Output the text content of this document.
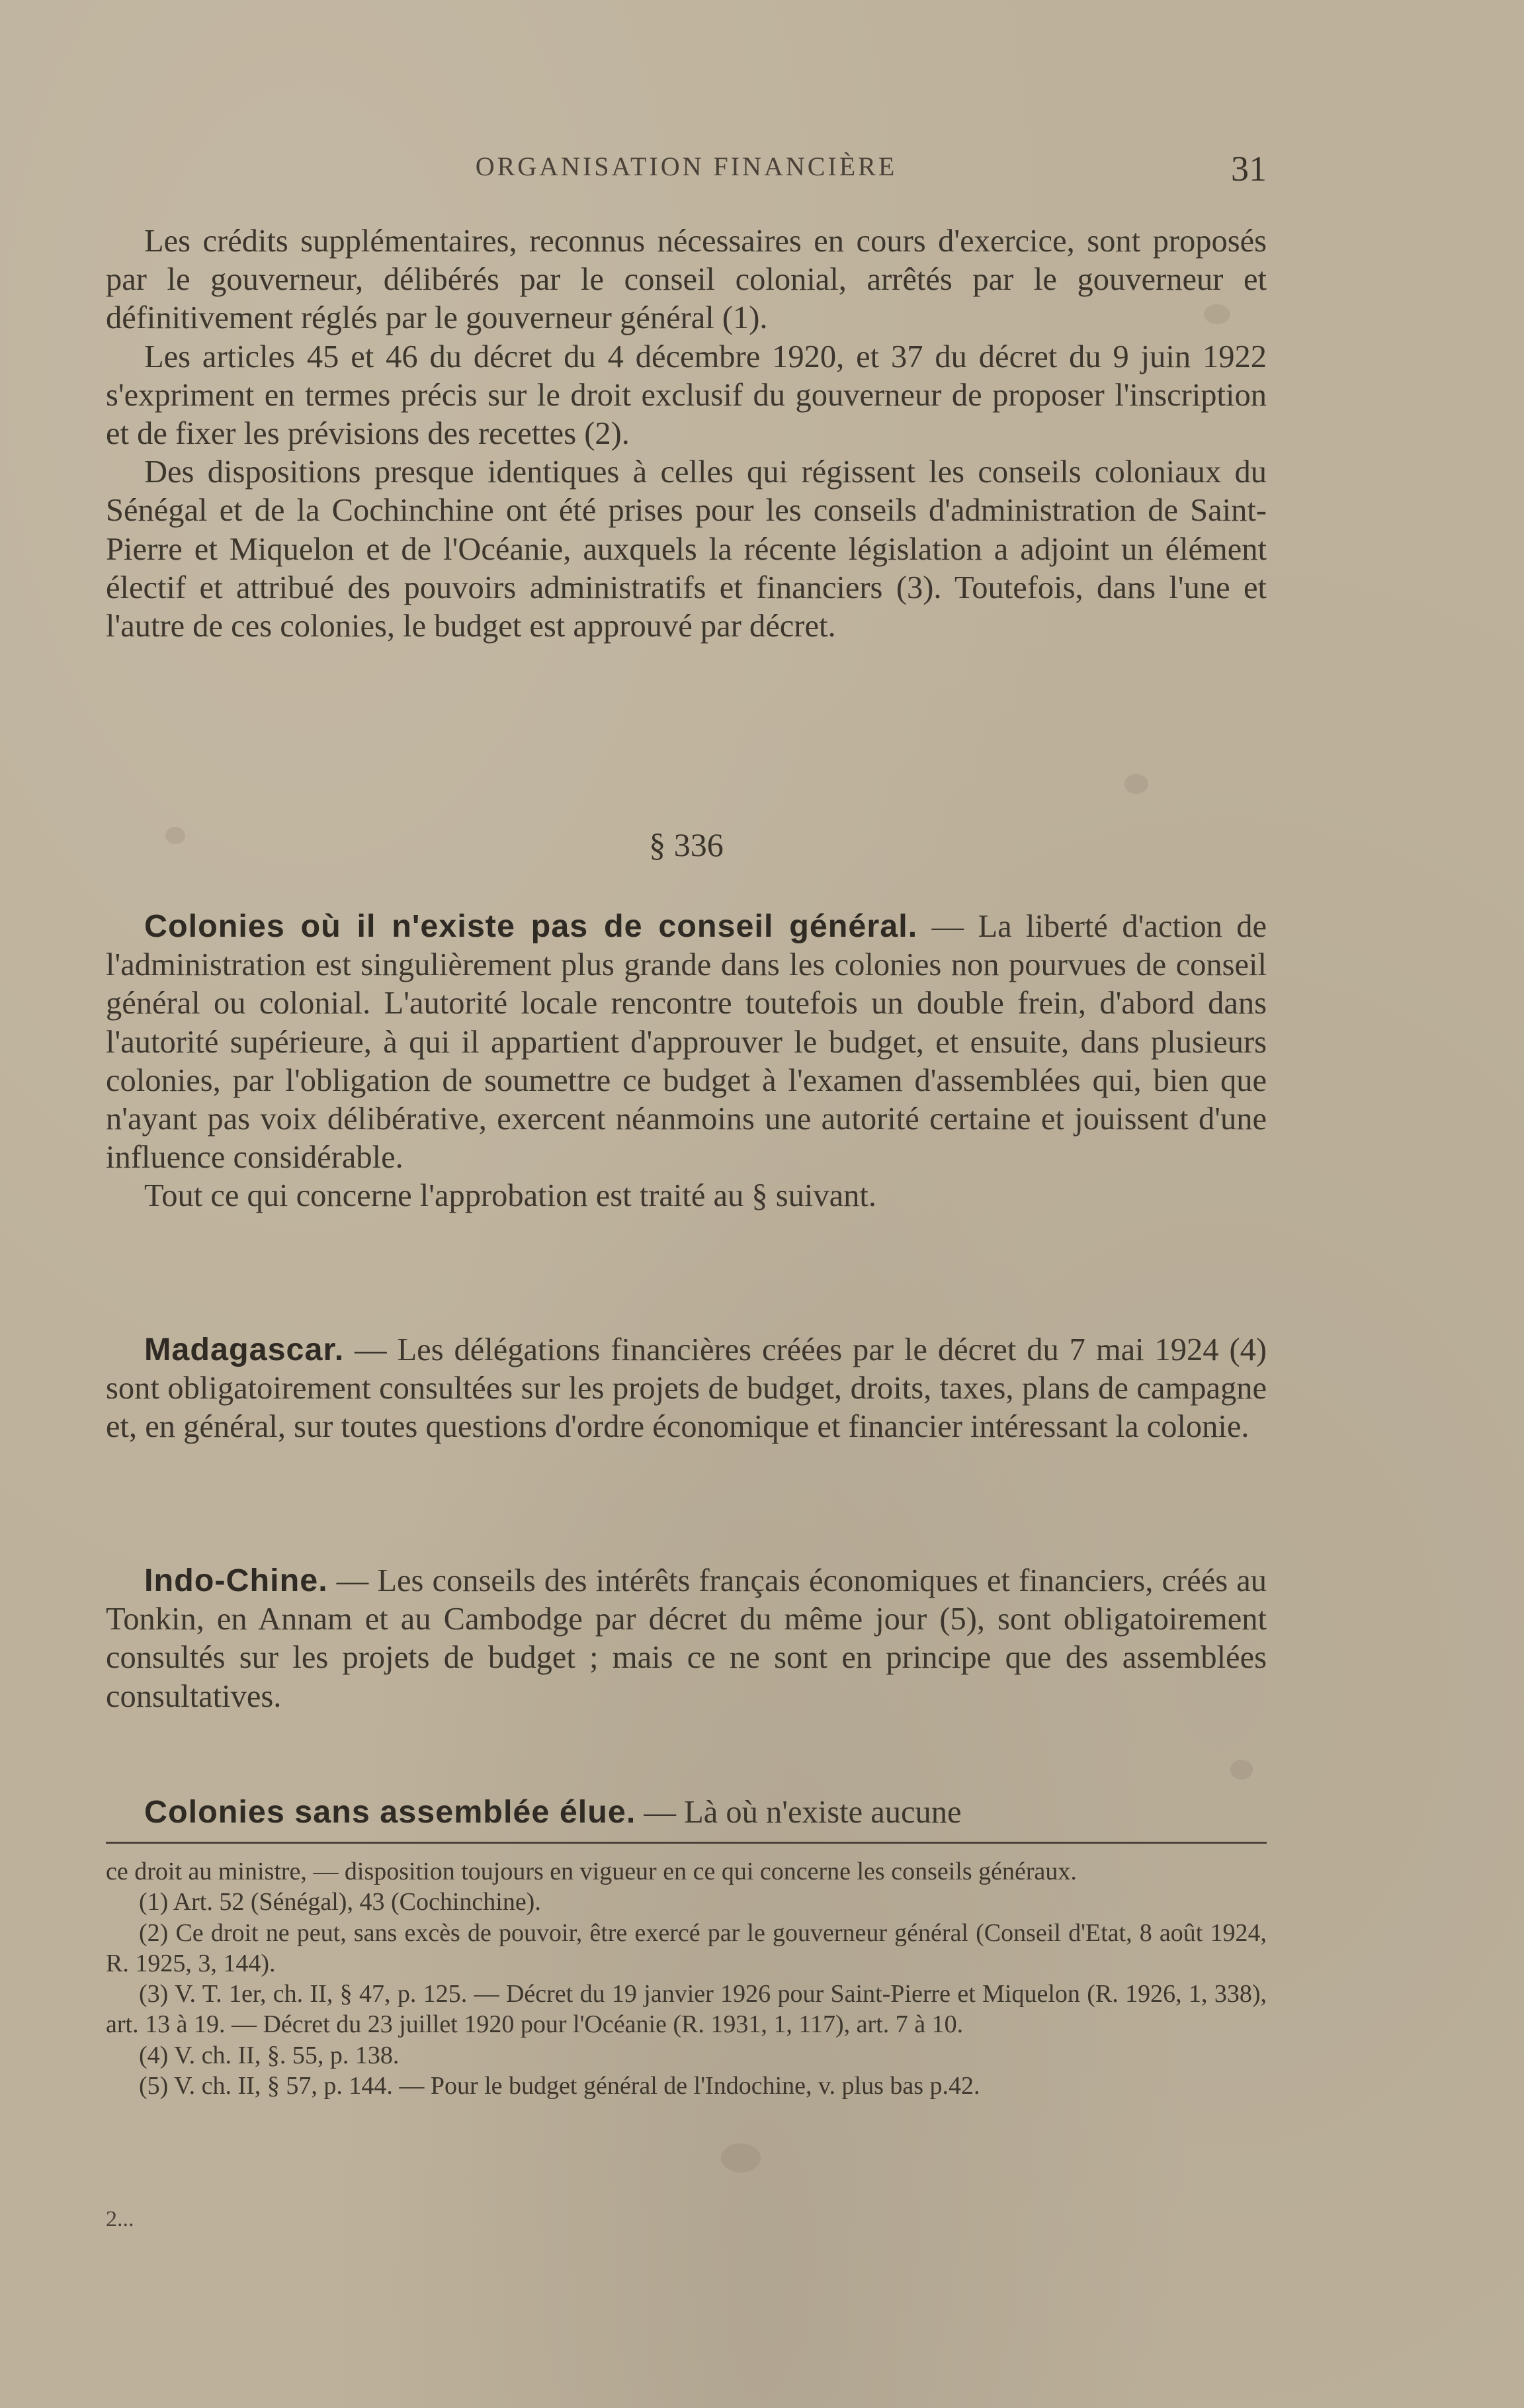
ORGANISATION FINANCIÈRE	31

Les crédits supplémentaires, reconnus nécessaires en cours d'exercice, sont proposés par le gouverneur, délibérés par le conseil colonial, arrêtés par le gouverneur et définitivement réglés par le gouverneur général (1).

Les articles 45 et 46 du décret du 4 décembre 1920, et 37 du décret du 9 juin 1922 s'expriment en termes précis sur le droit exclusif du gouverneur de proposer l'inscription et de fixer les prévisions des recettes (2).

Des dispositions presque identiques à celles qui régissent les conseils coloniaux du Sénégal et de la Cochinchine ont été prises pour les conseils d'administration de Saint-Pierre et Miquelon et de l'Océanie, auxquels la récente législation a adjoint un élément électif et attribué des pouvoirs administratifs et financiers (3). Toutefois, dans l'une et l'autre de ces colonies, le budget est approuvé par décret.

§ 336

Colonies où il n'existe pas de conseil général. — La liberté d'action de l'administration est singulièrement plus grande dans les colonies non pourvues de conseil général ou colonial. L'autorité locale rencontre toutefois un double frein, d'abord dans l'autorité supérieure, à qui il appartient d'approuver le budget, et ensuite, dans plusieurs colonies, par l'obligation de soumettre ce budget à l'examen d'assemblées qui, bien que n'ayant pas voix délibérative, exercent néanmoins une autorité certaine et jouissent d'une influence considérable.

Tout ce qui concerne l'approbation est traité au § suivant.

Madagascar. — Les délégations financières créées par le décret du 7 mai 1924 (4) sont obligatoirement consultées sur les projets de budget, droits, taxes, plans de campagne et, en général, sur toutes questions d'ordre économique et financier intéressant la colonie.

Indo-Chine. — Les conseils des intérêts français économiques et financiers, créés au Tonkin, en Annam et au Cambodge par décret du même jour (5), sont obligatoirement consultés sur les projets de budget ; mais ce ne sont en principe que des assemblées consultatives.

Colonies sans assemblée élue. — Là où n'existe aucune

ce droit au ministre, — disposition toujours en vigueur en ce qui concerne les conseils généraux.

(1) Art. 52 (Sénégal), 43 (Cochinchine).

(2) Ce droit ne peut, sans excès de pouvoir, être exercé par le gouverneur général (Conseil d'Etat, 8 août 1924, R. 1925, 3, 144).

(3) V. T. 1er, ch. II, § 47, p. 125. — Décret du 19 janvier 1926 pour Saint-Pierre et Miquelon (R. 1926, 1, 338), art. 13 à 19. — Décret du 23 juillet 1920 pour l'Océanie (R. 1931, 1, 117), art. 7 à 10.

(4) V. ch. II, §. 55, p. 138.

(5) V. ch. II, § 57, p. 144. — Pour le budget général de l'Indochine, v. plus bas p.42.

2...
